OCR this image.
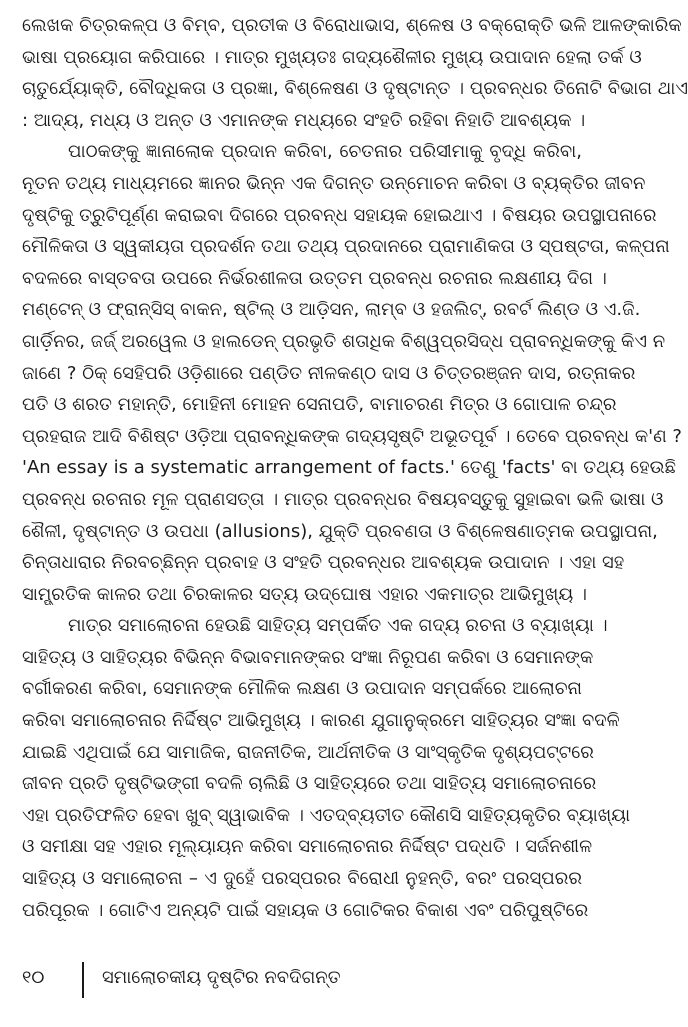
ଲେଖକ ଚିତ୍ରକଳ୍ପ ଓ ବିମ୍ବ, ପ୍ରତୀକ ଓ ବିରୋଧାଭାସ, ଶ୍ଳେଷ ଓ ବକ୍ରୋକ୍ତି ଭଳି ଆଳଙ୍କାରିକ
ଭାଷା ପ୍ରୟୋଗ କରିପାରେ । ମାତ୍ର ମୁଖ୍ୟତଃ ଗଦ୍ୟଶୈଳୀର ମୁଖ୍ୟ ଉପାଦାନ ହେଲା ତର୍କ ଓ
ଚାତୁର୍ଯ୍ୟୋକ୍ତି, ବୌଦ୍ଧିକତା ଓ ପ୍ରଜ୍ଞା, ବିଶ୍ଳେଷଣ ଓ ଦୃଷ୍ଟାନ୍ତ । ପ୍ରବନ୍ଧର ତିନୋଟି ବିଭାଗ ଥାଏ
: ଆଦ୍ୟ, ମଧ୍ୟ ଓ ଅନ୍ତ ଓ ଏମାନଙ୍କ ମଧ୍ୟରେ ସଂହତି ରହିବା ନିହାତି ଆବଶ୍ୟକ ।
ପାଠକଙ୍କୁ ଜ୍ଞାନାଲୋକ ପ୍ରଦାନ କରିବା, ଚେତନାର ପରିସୀମାକୁ ବୃଦ୍ଧି କରିବା,
ନୂତନ ତଥ୍ୟ ମାଧ୍ୟମରେ ଜ୍ଞାନର ଭିନ୍ନ ଏକ ଦିଗନ୍ତ ଉନ୍ମୋଚନ କରିବା ଓ ବ୍ୟକ୍ତିର ଜୀବନ
ଦୃଷ୍ଟିକୁ ତ୍ରୁଟିପୂର୍ଣ୍ଣ କରାଇବା ଦିଗରେ ପ୍ରବନ୍ଧ ସହାୟକ ହୋଇଥାଏ । ବିଷୟର ଉପସ୍ଥାପନାରେ
ମୌଳିକତା ଓ ସ୍ୱକୀୟତା ପ୍ରଦର୍ଶନ ତଥା ତଥ୍ୟ ପ୍ରଦାନରେ ପ୍ରାମାଣିକତା ଓ ସ୍ପଷ୍ଟତା, କଳ୍ପନା
ବଦଳରେ ବାସ୍ତବତା ଉପରେ ନିର୍ଭରଶୀଳତା ଉତ୍ତମ ପ୍ରବନ୍ଧ ରଚନାର ଲକ୍ଷଣୀୟ ଦିଗ ।
ମଣ୍ଟେନ୍ ଓ ଫ୍ରାନ୍ସିସ୍ ବାକନ, ଷ୍ଟିଲ୍ ଓ ଆଡ଼ିସନ, ଲାମ୍ବ ଓ ହଜଲିଟ୍, ରବର୍ଟ ଲିଣ୍ଡ ଓ ଏ.ଜି.
ଗାର୍ଡ଼ିନର, ଜର୍ଜ୍ ଅରୱେଲ ଓ ହାଲଡେନ୍ ପ୍ରଭୃତି ଶତାଧିକ ବିଶ୍ୱପ୍ରସିଦ୍ଧ ପ୍ରାବନ୍ଧିକଙ୍କୁ କିଏ ନ
ଜାଣେ ? ଠିକ୍ ସେହିପରି ଓଡ଼ିଶାରେ ପଣ୍ଡିତ ନୀଳକଣ୍ଠ ଦାସ ଓ ଚିତ୍ତରଞ୍ଜନ ଦାସ, ରତ୍ନାକର
ପତି ଓ ଶରତ ମହାନ୍ତି, ମୋହିନୀ ମୋହନ ସେନାପତି, ବାମାଚରଣ ମିତ୍ର ଓ ଗୋପାଳ ଚନ୍ଦ୍ର
ପ୍ରହରାଜ ଆଦି ବିଶିଷ୍ଟ ଓଡ଼ିଆ ପ୍ରାବନ୍ଧିକଙ୍କ ଗଦ୍ୟସୃଷ୍ଟି ଅଭୂତପୂର୍ବ । ତେବେ ପ୍ରବନ୍ଧ କ'ଣ ?
'An essay is a systematic arrangement of facts.' ତେଣୁ 'facts' ବା ତଥ୍ୟ ହେଉଛି
ପ୍ରବନ୍ଧ ରଚନାର ମୂଳ ପ୍ରାଣସତ୍ତା । ମାତ୍ର ପ୍ରବନ୍ଧର ବିଷୟବସ୍ତୁକୁ ସୁହାଇବା ଭଳି ଭାଷା ଓ
ଶୈଳୀ, ଦୃଷ୍ଟାନ୍ତ ଓ ଉପଧା (allusions), ଯୁକ୍ତି ପ୍ରବଣତା ଓ ବିଶ୍ଳେଷଣାତ୍ମକ ଉପସ୍ଥାପନା,
ଚିନ୍ତାଧାରାର ନିରବଚ୍ଛିନ୍ନ ପ୍ରବାହ ଓ ସଂହତି ପ୍ରବନ୍ଧର ଆବଶ୍ୟକ ଉପାଦାନ । ଏହା ସହ
ସାମ୍ପ୍ରତିକ କାଳର ତଥା ଚିରକାଳର ସତ୍ୟ ଉଦ୍‌ଘୋଷ ଏହାର ଏକମାତ୍ର ଆଭିମୁଖ୍ୟ ।
ମାତ୍ର ସମାଲୋଚନା ହେଉଛି ସାହିତ୍ୟ ସମ୍ପର୍କିତ ଏକ ଗଦ୍ୟ ରଚନା ଓ ବ୍ୟାଖ୍ୟା ।
ସାହିତ୍ୟ ଓ ସାହିତ୍ୟର ବିଭିନ୍ନ ବିଭାବମାନଙ୍କର ସଂଜ୍ଞା ନିରୂପଣ କରିବା ଓ ସେମାନଙ୍କ
ବର୍ଗୀକରଣ କରିବା, ସେମାନଙ୍କ ମୌଳିକ ଲକ୍ଷଣ ଓ ଉପାଦାନ ସମ୍ପର୍କରେ ଆଲୋଚନା
କରିବା ସମାଲୋଚନାର ନିର୍ଦ୍ଦିଷ୍ଟ ଆଭିମୁଖ୍ୟ । କାରଣ ଯୁଗାନୁକ୍ରମେ ସାହିତ୍ୟର ସଂଜ୍ଞା ବଦଳି
ଯାଇଛି ଏଥିପାଇଁ ଯେ ସାମାଜିକ, ରାଜନୀତିକ, ଆର୍ଥନୀତିକ ଓ ସାଂସ୍କୃତିକ ଦୃଶ୍ୟପଟ୍ଟରେ
ଜୀବନ ପ୍ରତି ଦୃଷ୍ଟିଭଙ୍ଗୀ ବଦଳି ଚାଲିଛି ଓ ସାହିତ୍ୟରେ ତଥା ସାହିତ୍ୟ ସମାଲୋଚନାରେ
ଏହା ପ୍ରତିଫଳିତ ହେବା ଖୁବ୍ ସ୍ୱାଭାବିକ । ଏତଦ୍‌ବ୍ୟତୀତ କୌଣସି ସାହିତ୍ୟକୃତିର ବ୍ୟାଖ୍ୟା
ଓ ସମୀକ୍ଷା ସହ ଏହାର ମୂଲ୍ୟାୟନ କରିବା ସମାଲୋଚନାର ନିର୍ଦ୍ଦିଷ୍ଟ ପଦ୍ଧତି । ସର୍ଜନଶୀଳ
ସାହିତ୍ୟ ଓ ସମାଲୋଚନା – ଏ ଦୁହେଁ ପରସ୍ପରର ବିରୋଧୀ ନୁହନ୍ତି, ବରଂ ପରସ୍ପରର
ପରିପୂରକ । ଗୋଟିଏ ଅନ୍ୟଟି ପାଇଁ ସହାୟକ ଓ ଗୋଟିକର ବିକାଶ ଏବଂ ପରିପୁଷ୍ଟିରେ
୧୦	ସମାଲୋଚକୀୟ ଦୃଷ୍ଟିର ନବଦିଗନ୍ତ
